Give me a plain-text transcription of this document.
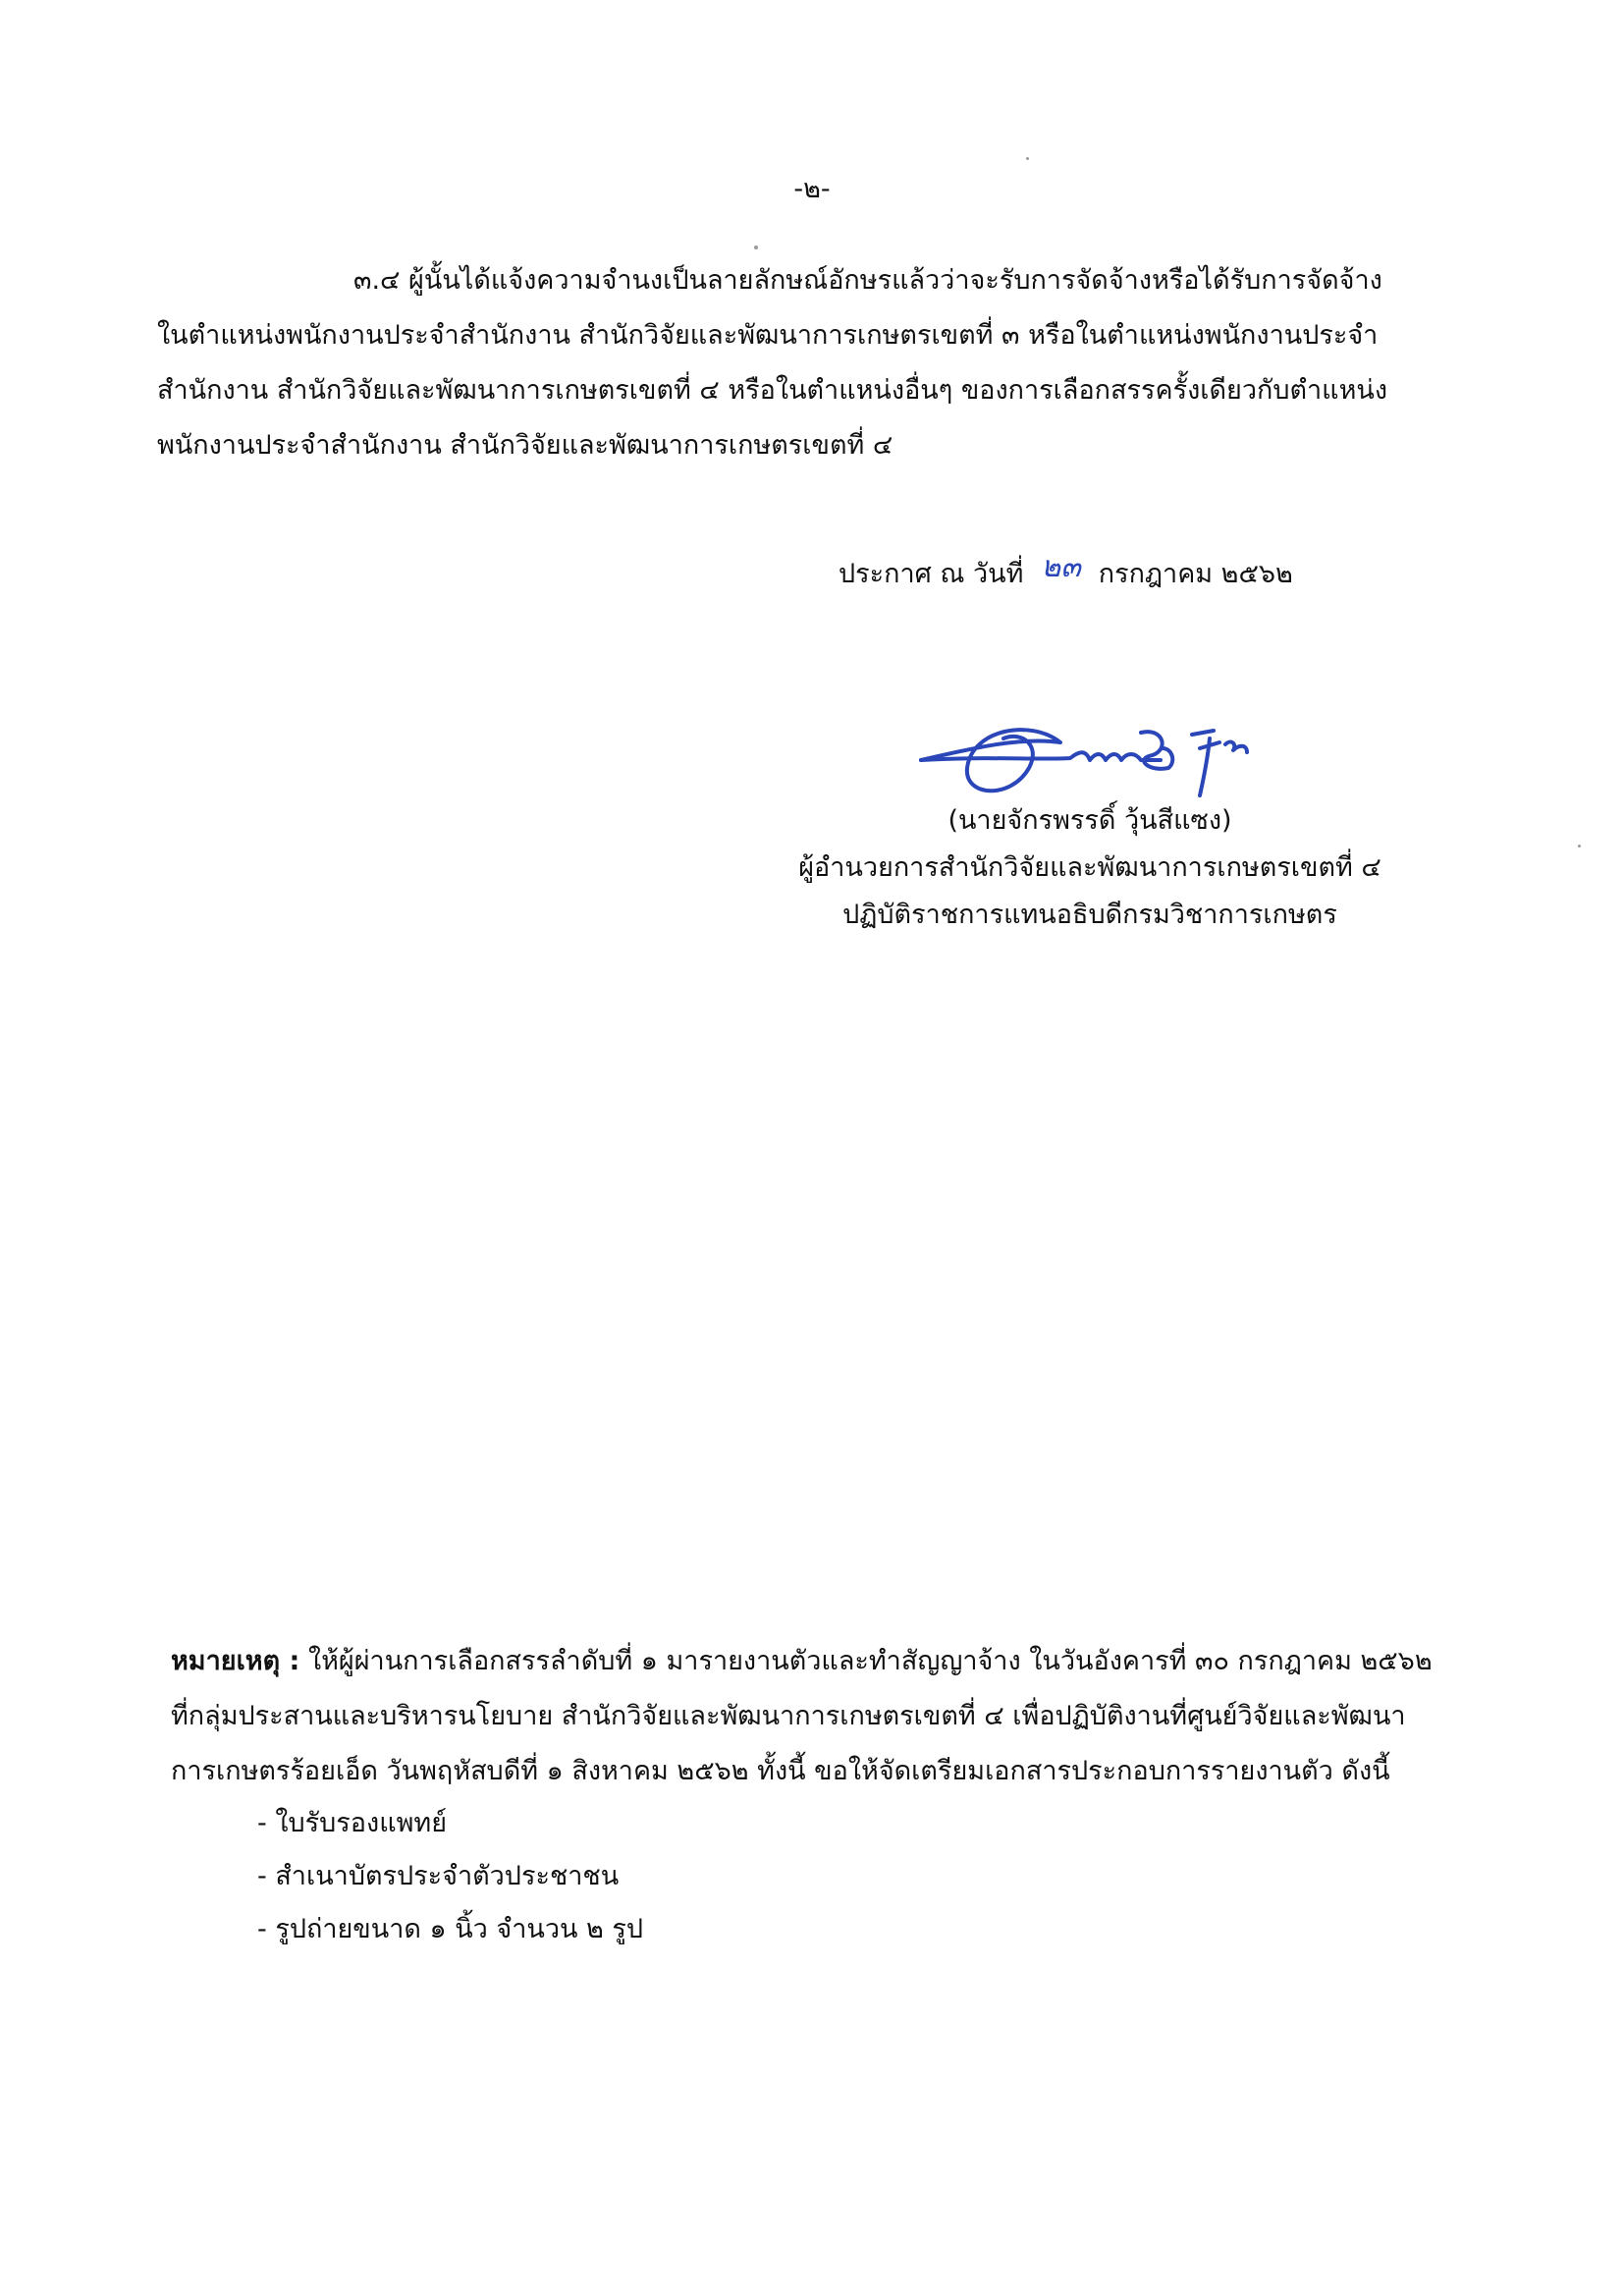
-๒-
๓.๔ ผู้นั้นได้แจ้งความจำนงเป็นลายลักษณ์อักษรแล้วว่าจะรับการจัดจ้างหรือได้รับการจัดจ้าง
ในตำแหน่งพนักงานประจำสำนักงาน สำนักวิจัยและพัฒนาการเกษตรเขตที่ ๓ หรือในตำแหน่งพนักงานประจำ
สำนักงาน สำนักวิจัยและพัฒนาการเกษตรเขตที่ ๔ หรือในตำแหน่งอื่นๆ ของการเลือกสรรครั้งเดียวกับตำแหน่ง
พนักงานประจำสำนักงาน สำนักวิจัยและพัฒนาการเกษตรเขตที่ ๔
ประกาศ ณ วันที่ ๒๓ กรกฎาคม ๒๕๖๒
(นายจักรพรรดิ์ วุ้นสีแซง)
ผู้อำนวยการสำนักวิจัยและพัฒนาการเกษตรเขตที่ ๔
ปฏิบัติราชการแทนอธิบดีกรมวิชาการเกษตร
หมายเหตุ : ให้ผู้ผ่านการเลือกสรรลำดับที่ ๑ มารายงานตัวและทำสัญญาจ้าง ในวันอังคารที่ ๓๐ กรกฎาคม ๒๕๖๒
ที่กลุ่มประสานและบริหารนโยบาย สำนักวิจัยและพัฒนาการเกษตรเขตที่ ๔ เพื่อปฏิบัติงานที่ศูนย์วิจัยและพัฒนา
การเกษตรร้อยเอ็ด วันพฤหัสบดีที่ ๑ สิงหาคม ๒๕๖๒ ทั้งนี้ ขอให้จัดเตรียมเอกสารประกอบการรายงานตัว ดังนี้
- ใบรับรองแพทย์
- สำเนาบัตรประจำตัวประชาชน
- รูปถ่ายขนาด ๑ นิ้ว จำนวน ๒ รูป
